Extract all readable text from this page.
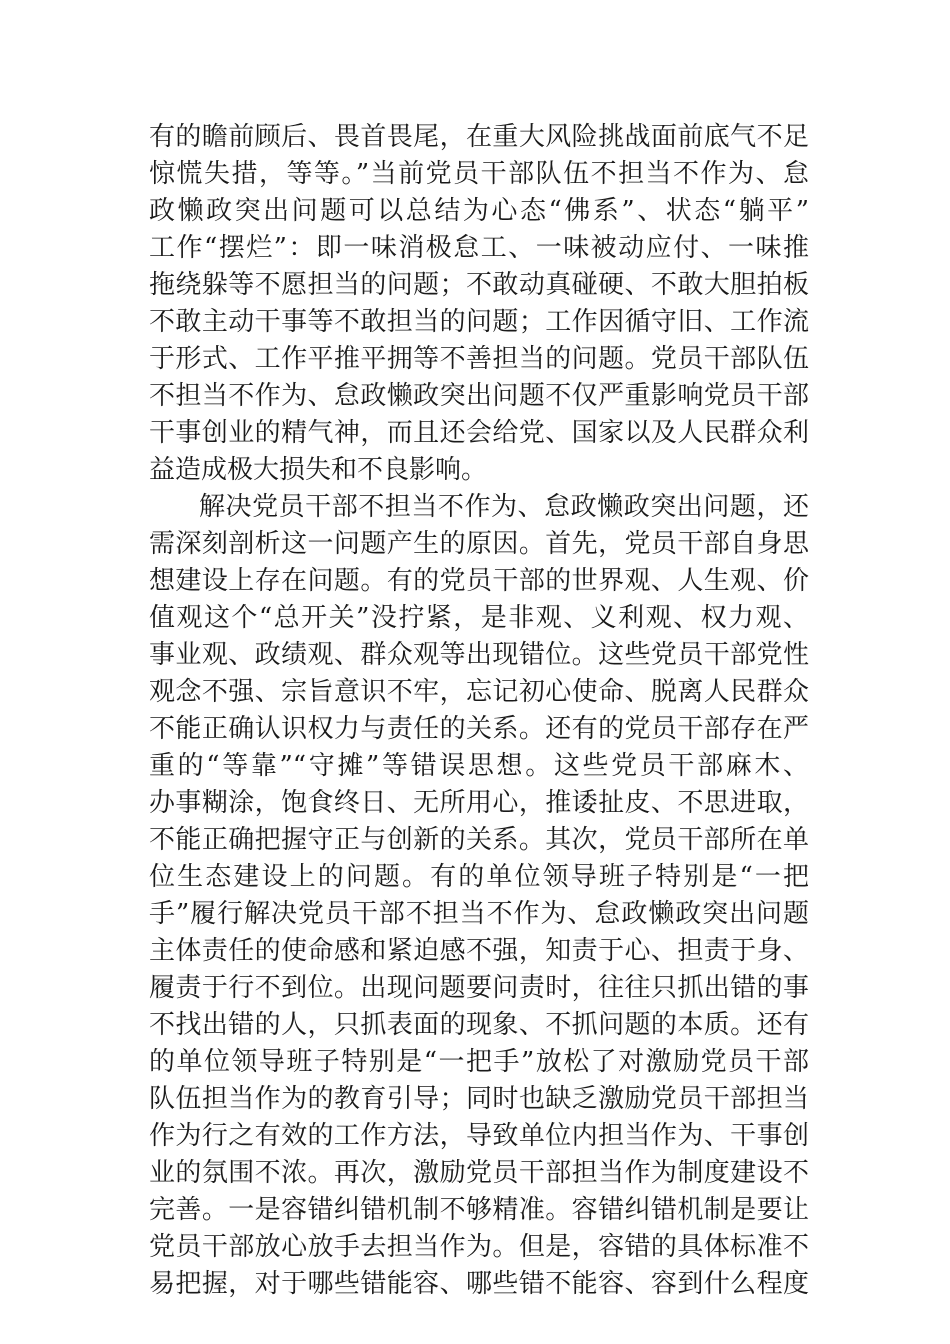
有的瞻前顾后、畏首畏尾，在重大风险挑战面前底气不足
惊慌失措，等等。”当前党员干部队伍不担当不作为、怠
政懒政突出问题可以总结为心态“佛系”、状态“躺平”
工作“摆烂”：即一味消极怠工、一味被动应付、一味推
拖绕躲等不愿担当的问题；不敢动真碰硬、不敢大胆拍板
不敢主动干事等不敢担当的问题；工作因循守旧、工作流
于形式、工作平推平拥等不善担当的问题。党员干部队伍
不担当不作为、怠政懒政突出问题不仅严重影响党员干部
干事创业的精气神，而且还会给党、国家以及人民群众利
益造成极大损失和不良影响。
解决党员干部不担当不作为、怠政懒政突出问题，还
需深刻剖析这一问题产生的原因。首先，党员干部自身思
想建设上存在问题。有的党员干部的世界观、人生观、价
值观这个“总开关”没拧紧，是非观、义利观、权力观、
事业观、政绩观、群众观等出现错位。这些党员干部党性
观念不强、宗旨意识不牢，忘记初心使命、脱离人民群众
不能正确认识权力与责任的关系。还有的党员干部存在严
重的“等靠”“守摊”等错误思想。这些党员干部麻木、
办事糊涂，饱食终日、无所用心，推诿扯皮、不思进取，
不能正确把握守正与创新的关系。其次，党员干部所在单
位生态建设上的问题。有的单位领导班子特别是“一把
手”履行解决党员干部不担当不作为、怠政懒政突出问题
主体责任的使命感和紧迫感不强，知责于心、担责于身、
履责于行不到位。出现问题要问责时，往往只抓出错的事
不找出错的人，只抓表面的现象、不抓问题的本质。还有
的单位领导班子特别是“一把手”放松了对激励党员干部
队伍担当作为的教育引导；同时也缺乏激励党员干部担当
作为行之有效的工作方法，导致单位内担当作为、干事创
业的氛围不浓。再次，激励党员干部担当作为制度建设不
完善。一是容错纠错机制不够精准。容错纠错机制是要让
党员干部放心放手去担当作为。但是，容错的具体标准不
易把握，对于哪些错能容、哪些错不能容、容到什么程度
